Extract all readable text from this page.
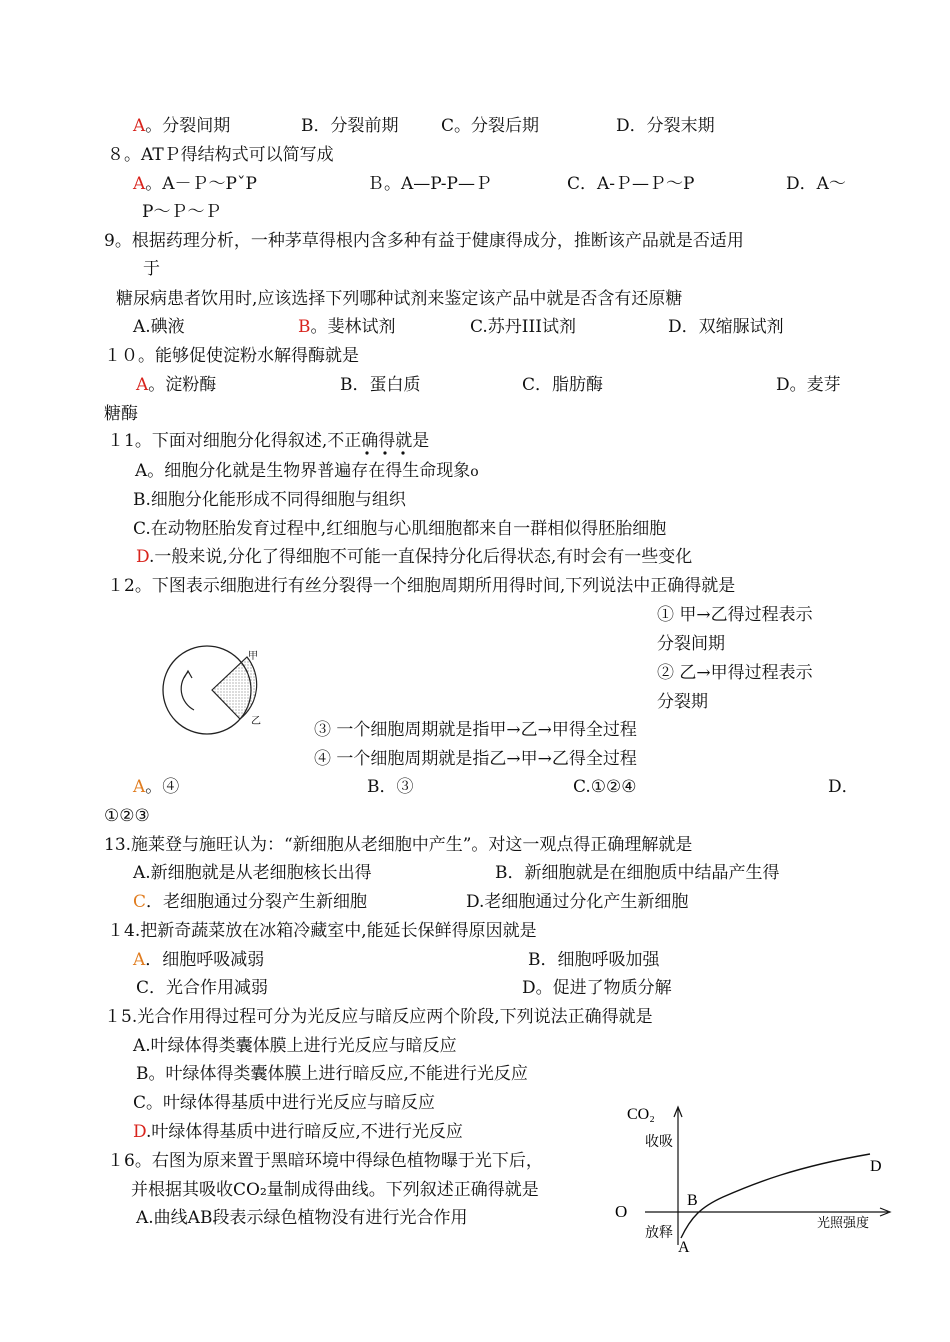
A。分裂间期	B．分裂前期	C。分裂后期	D．分裂末期
８。ATＰ得结构式可以简写成
A。A－Ｐ～PˇP	Ｂ。A—P-P—Ｐ	C．A-Ｐ—Ｐ～P	D．A～
P～Ｐ～Ｐ
9。根据药理分析，一种茅草得根内含多种有益于健康得成分，推断该产品就是否适用
于
糖尿病患者饮用时,应该选择下列哪种试剂来鉴定该产品中就是否含有还原糖
A.碘液	B。斐林试剂	C.苏丹III试剂	D．双缩脲试剂
１０。能够促使淀粉水解得酶就是
A。淀粉酶	B．蛋白质	C．脂肪酶	D。麦芽
糖酶
１1。下面对细胞分化得叙述,不正确得就是
A。细胞分化就是生物界普遍存在得生命现象ο
B.细胞分化能形成不同得细胞与组织
C.在动物胚胎发育过程中,红细胞与心肌细胞都来自一群相似得胚胎细胞
D.一般来说,分化了得细胞不可能一直保持分化后得状态,有时会有一些变化
１2。下图表示细胞进行有丝分裂得一个细胞周期所用得时间,下列说法中正确得就是
① 甲→乙得过程表示
分裂间期
② 乙→甲得过程表示
分裂期
甲
乙	③ 一个细胞周期就是指甲→乙→甲得全过程
④ 一个细胞周期就是指乙→甲→乙得全过程
A。④	B．③	C.①②④	D．
①②③
13.施莱登与施旺认为：“新细胞从老细胞中产生”。对这一观点得正确理解就是
A.新细胞就是从老细胞核长出得	B．新细胞就是在细胞质中结晶产生得
C．老细胞通过分裂产生新细胞	D.老细胞通过分化产生新细胞
１4.把新奇蔬菜放在冰箱冷藏室中,能延长保鲜得原因就是
A．细胞呼吸减弱	B．细胞呼吸加强
C．光合作用减弱	D。促进了物质分解
１5.光合作用得过程可分为光反应与暗反应两个阶段,下列说法正确得就是
A.叶绿体得类囊体膜上进行光反应与暗反应
B。叶绿体得类囊体膜上进行暗反应,不能进行光反应
C。叶绿体得基质中进行光反应与暗反应
D.叶绿体得基质中进行暗反应,不进行光反应
１6。右图为原来置于黑暗环境中得绿色植物曝于光下后，
并根据其吸收CO₂量制成得曲线。下列叙述正确得就是
A.曲线AB段表示绿色植物没有进行光合作用
CO₂
收吸
放释
O
光照强度
A
B
D
